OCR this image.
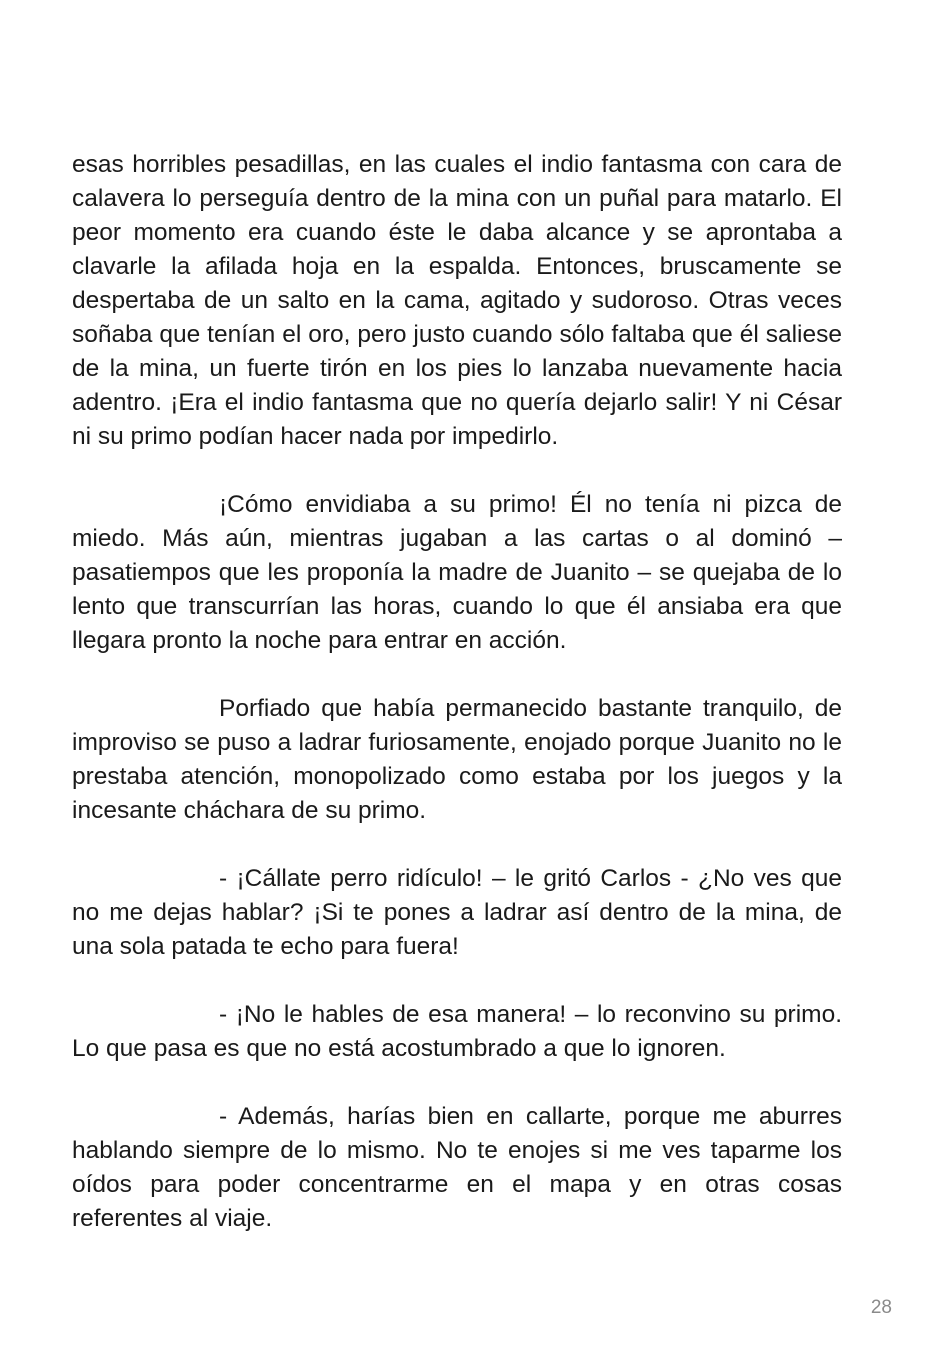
esas horribles pesadillas, en las cuales el indio fantasma con cara de calavera lo perseguía dentro de la mina con un puñal para matarlo. El peor momento era cuando éste le daba alcance y se aprontaba a clavarle la afilada hoja en la espalda. Entonces, bruscamente se despertaba de un salto en la cama, agitado y sudoroso. Otras veces soñaba que tenían el oro, pero justo cuando sólo faltaba que él saliese de la mina, un fuerte tirón en los pies lo lanzaba nuevamente hacia adentro. ¡Era el indio fantasma que no quería dejarlo salir! Y ni César ni su primo podían hacer nada por impedirlo.

¡Cómo envidiaba a su primo! Él no tenía ni pizca de miedo. Más aún, mientras jugaban a las cartas o al dominó – pasatiempos que les proponía la madre de Juanito – se quejaba de lo lento que transcurrían las horas, cuando lo que él ansiaba era que llegara pronto la noche para entrar en acción.

Porfiado que había permanecido bastante tranquilo, de improviso se puso a ladrar furiosamente, enojado porque Juanito no le prestaba atención, monopolizado como estaba por los juegos y la incesante cháchara de su primo.

- ¡Cállate perro ridículo! – le gritó Carlos - ¿No ves que no me dejas hablar? ¡Si te pones a ladrar así dentro de la mina, de una sola patada te echo para fuera!

- ¡No le hables de esa manera! – lo reconvino su primo. Lo que pasa es que no está acostumbrado a que lo ignoren.

- Además, harías bien en callarte, porque me aburres hablando siempre de lo mismo. No te enojes si me ves taparme los oídos para poder concentrarme en el mapa y en otras cosas referentes al viaje.

28
